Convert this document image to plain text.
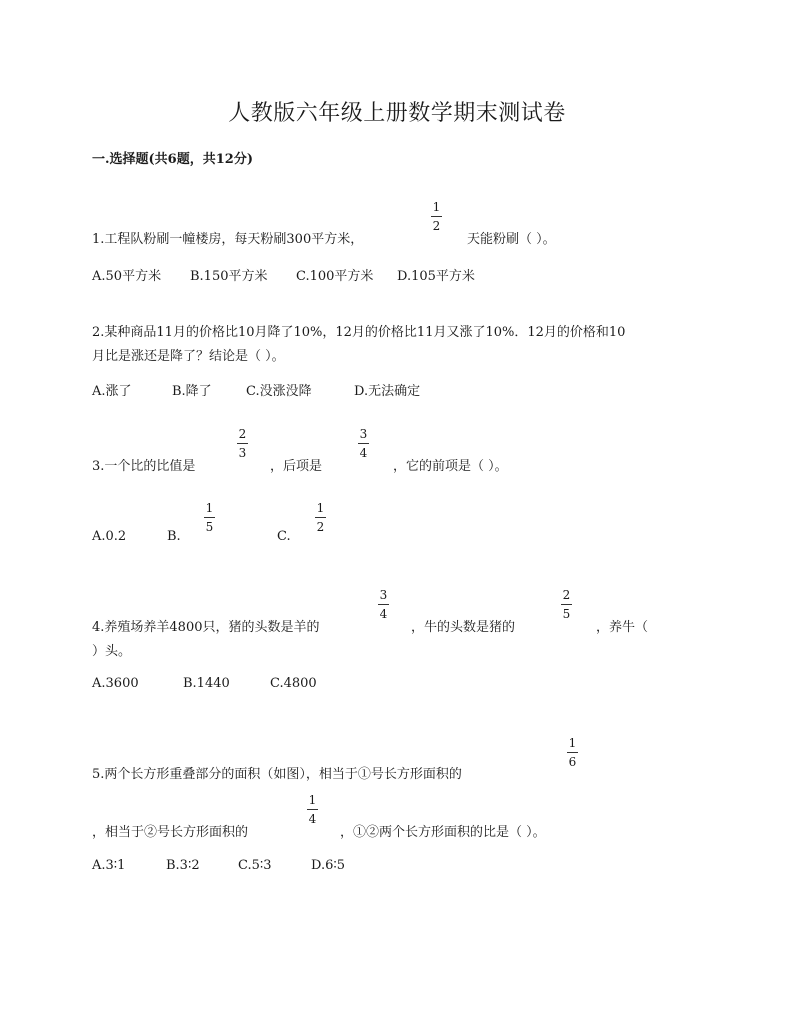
人教版六年级上册数学期末测试卷
一.选择题(共6题，共12分)
1.工程队粉刷一幢楼房，每天粉刷300平方米，
1
2
天能粉刷（ ）。
A.50平方米 B.150平方米 C.100平方米 D.105平方米
2.某种商品11月的价格比10月降了10%，12月的价格比11月又涨了10%．12月的价格和10
月比是涨还是降了？结论是（ ）。
A.涨了	B.降了	C.没涨没降	D.无法确定
3.一个比的比值是
2
3
，后项是
3
4
，它的前项是（ ）。
A.0.2	B.
1
5
C.
1
2
4.养殖场养羊4800只，猪的头数是羊的
3
4
，牛的头数是猪的
2
5
，养牛（
）头。
A.3600	B.1440	C.4800
5.两个长方形重叠部分的面积（如图），相当于①号长方形面积的
1
6
，相当于②号长方形面积的
1
4
，①②两个长方形面积的比是（ ）。
A.3∶1	B.3∶2	C.5∶3	D.6∶5
